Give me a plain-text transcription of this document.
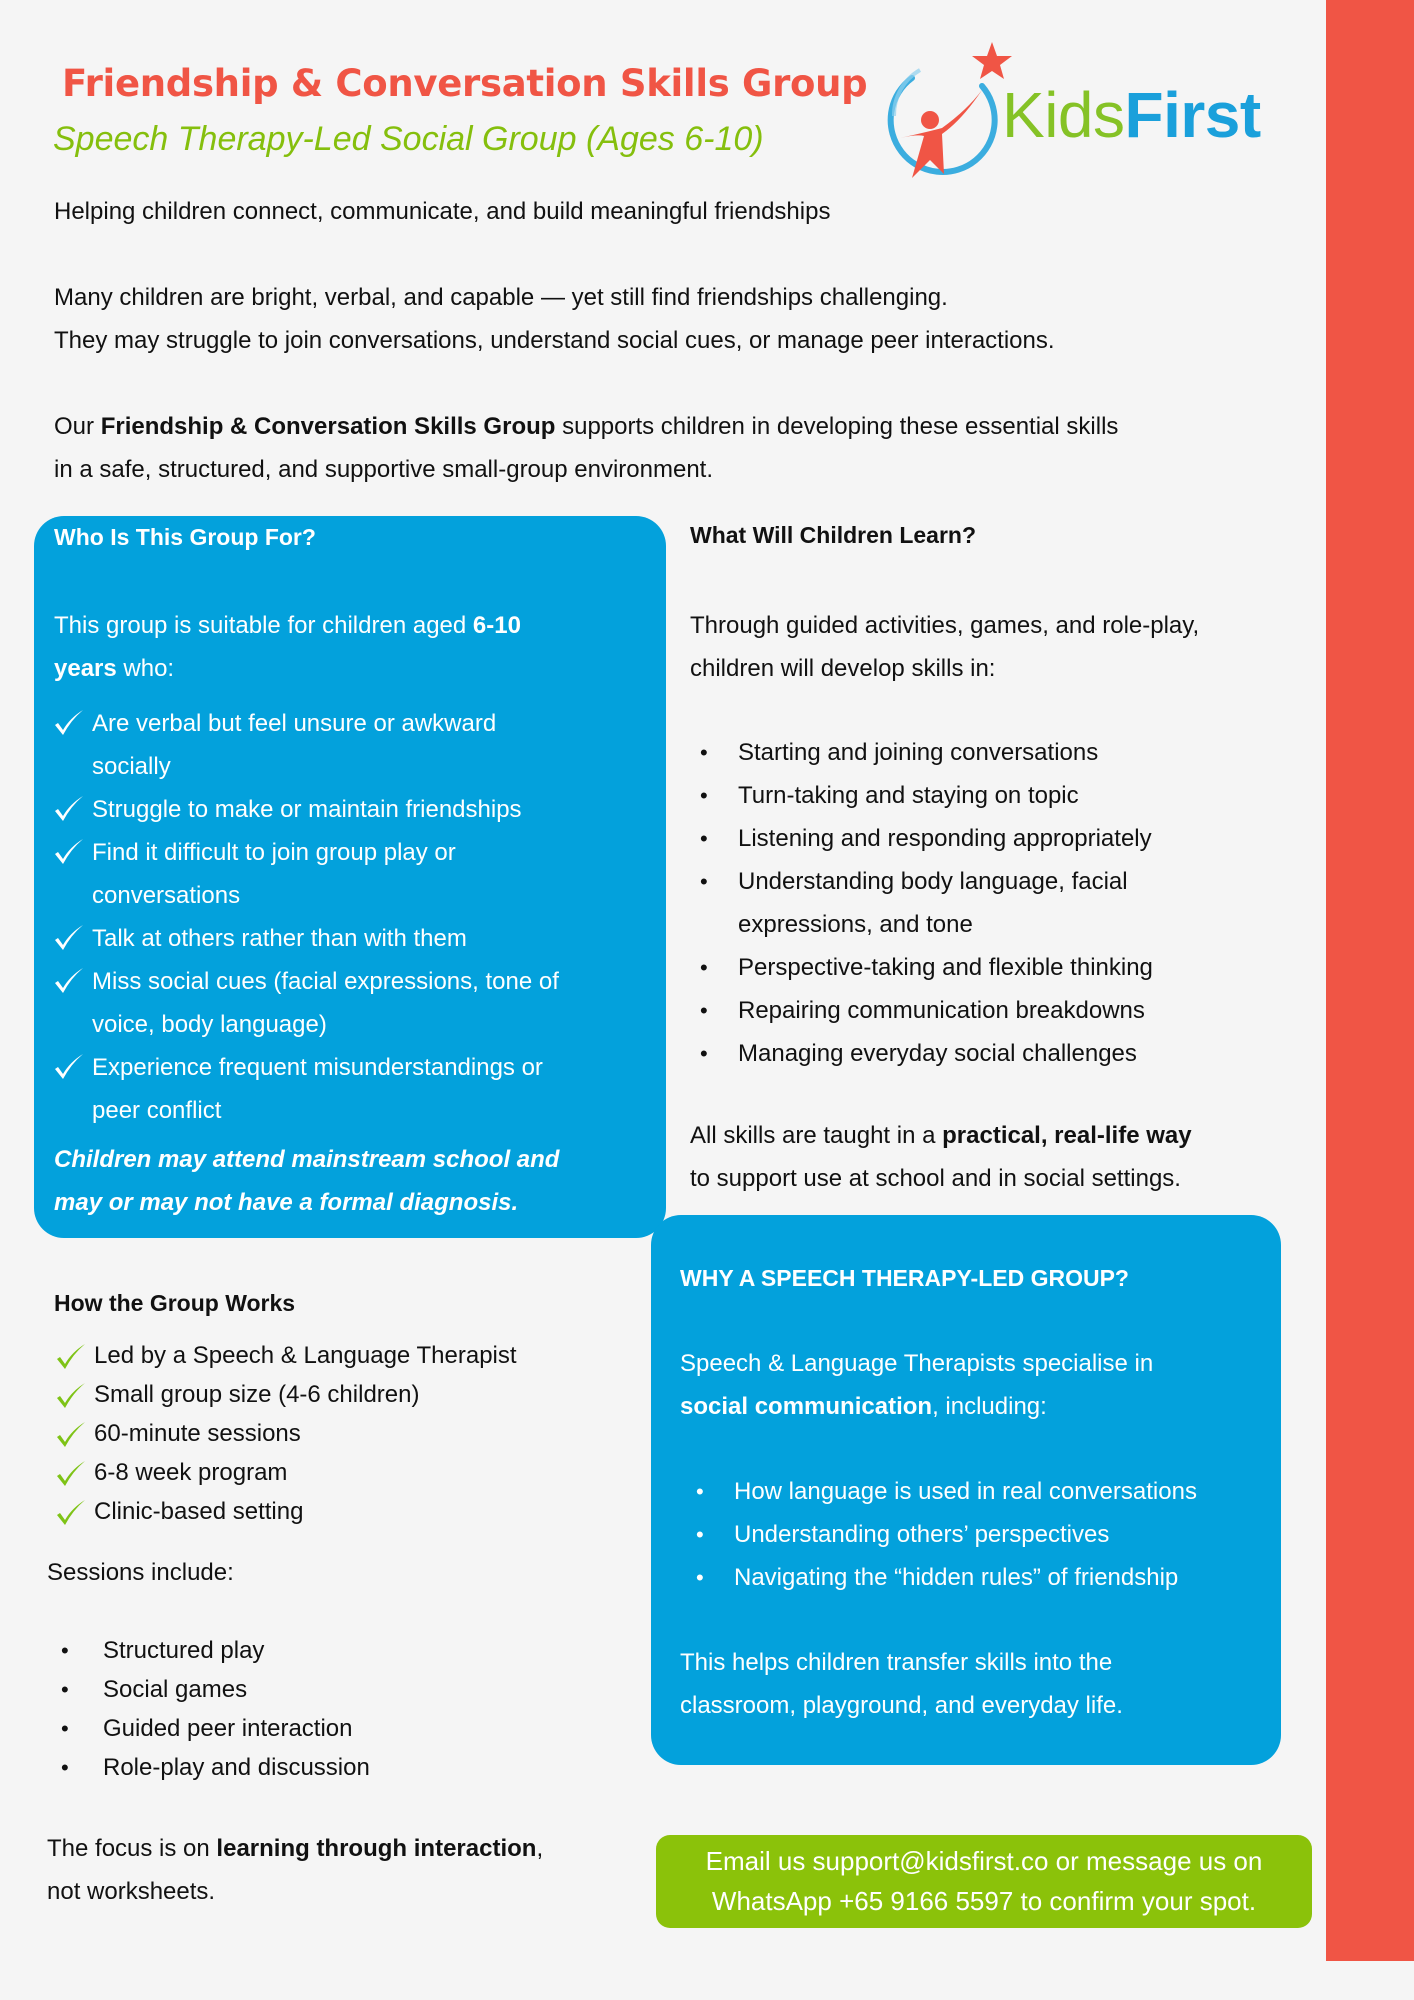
Friendship & Conversation Skills Group
Speech Therapy-Led Social Group (Ages 6-10)	KidsFirst
Helping children connect, communicate, and build meaningful friendships
Many children are bright, verbal, and capable — yet still find friendships challenging.
They may struggle to join conversations, understand social cues, or manage peer interactions.
Our Friendship & Conversation Skills Group supports children in developing these essential skills
in a safe, structured, and supportive small-group environment.
Who Is This Group For?
This group is suitable for children aged 6-10
years who:
Are verbal but feel unsure or awkward
socially
Struggle to make or maintain friendships
Find it difficult to join group play or
conversations
Talk at others rather than with them
Miss social cues (facial expressions, tone of
voice, body language)
Experience frequent misunderstandings or
peer conflict
Children may attend mainstream school and
may or may not have a formal diagnosis.
What Will Children Learn?
Through guided activities, games, and role-play,
children will develop skills in:
• Starting and joining conversations
• Turn-taking and staying on topic
• Listening and responding appropriately
• Understanding body language, facial
expressions, and tone
• Perspective-taking and flexible thinking
• Repairing communication breakdowns
• Managing everyday social challenges
All skills are taught in a practical, real-life way
to support use at school and in social settings.
WHY A SPEECH THERAPY-LED GROUP?
Speech & Language Therapists specialise in
social communication, including:
• How language is used in real conversations
• Understanding others’ perspectives
• Navigating the “hidden rules” of friendship
This helps children transfer skills into the
classroom, playground, and everyday life.
How the Group Works
Led by a Speech & Language Therapist
Small group size (4-6 children)
60-minute sessions
6-8 week program
Clinic-based setting
Sessions include:
• Structured play
• Social games
• Guided peer interaction
• Role-play and discussion
The focus is on learning through interaction,
not worksheets.
Email us support@kidsfirst.co or message us on
WhatsApp +65 9166 5597 to confirm your spot.
